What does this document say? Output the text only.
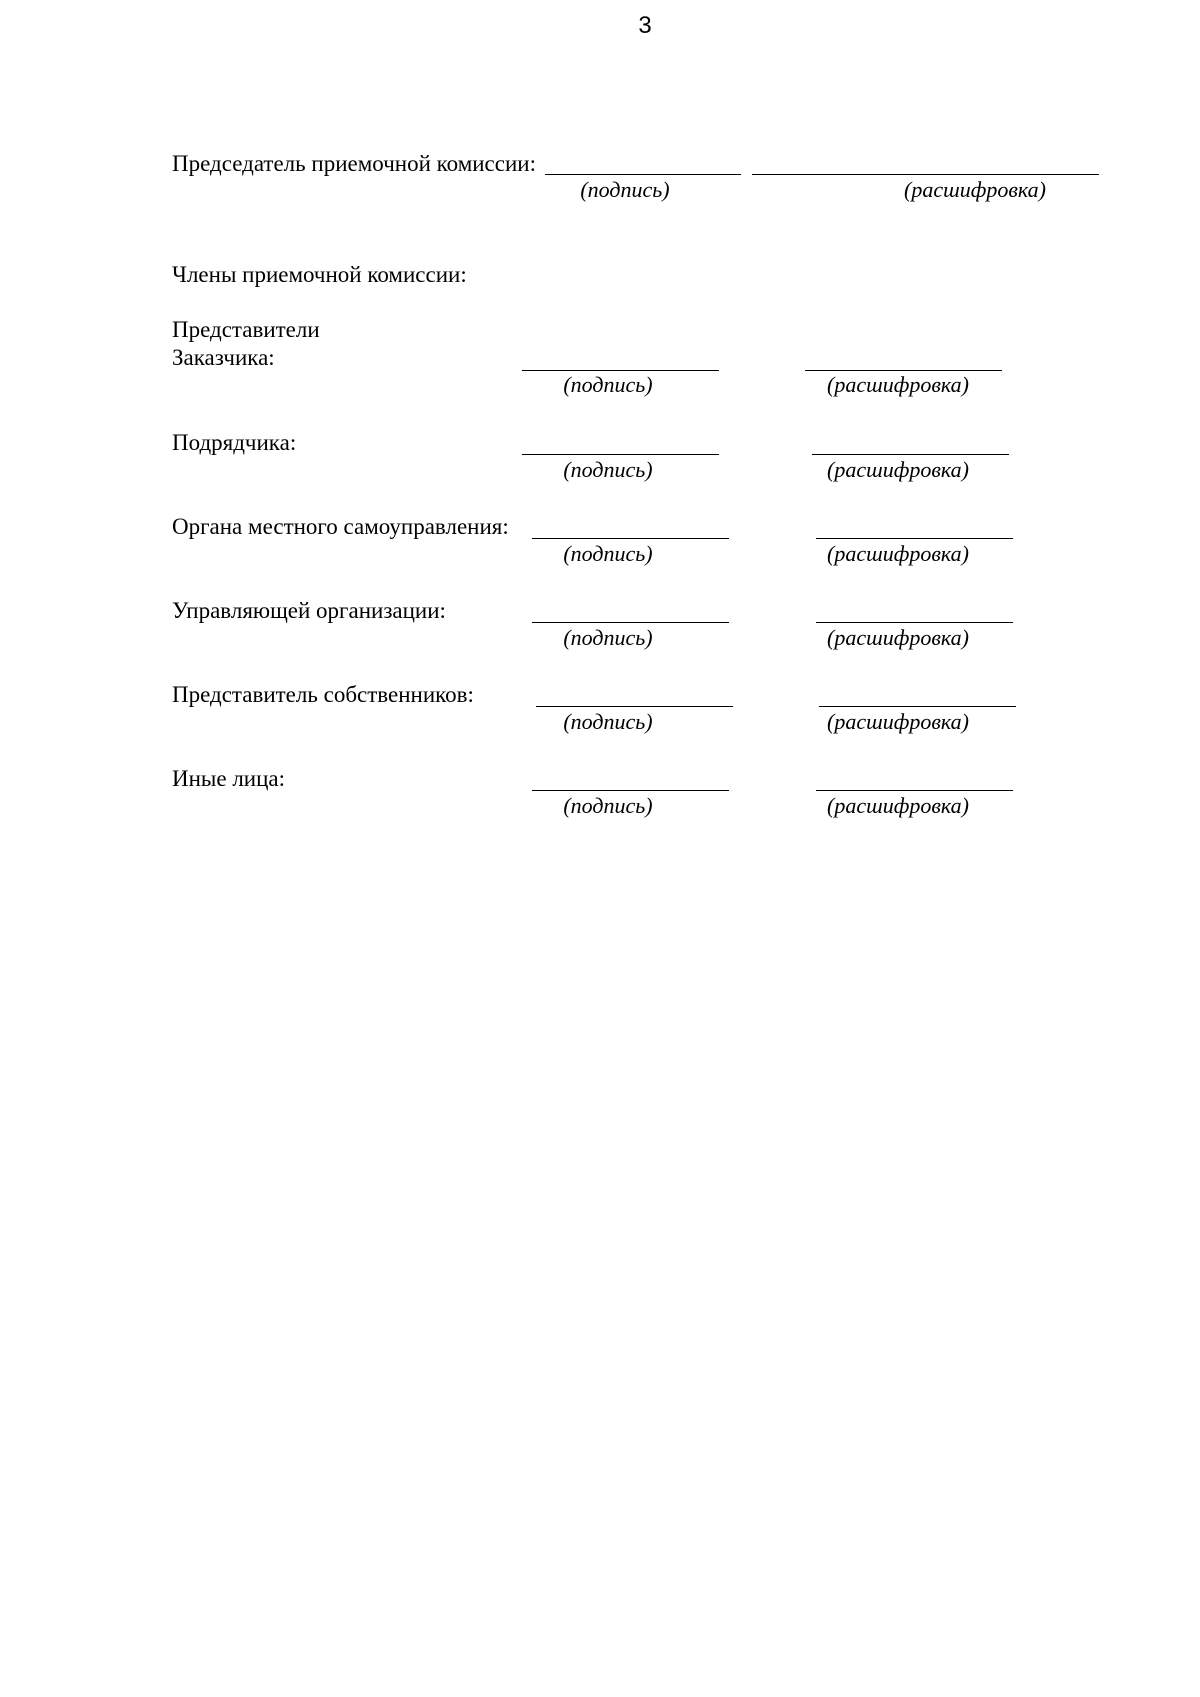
3
Председатель приемочной комиссии:
(подпись)	(расшифровка)
Члены приемочной комиссии:
Представители
Заказчика:
(подпись)	(расшифровка)
Подрядчика:
(подпись)	(расшифровка)
Органа местного самоуправления:
(подпись)	(расшифровка)
Управляющей организации:
(подпись)	(расшифровка)
Представитель собственников:
(подпись)	(расшифровка)
Иные лица:
(подпись)	(расшифровка)
